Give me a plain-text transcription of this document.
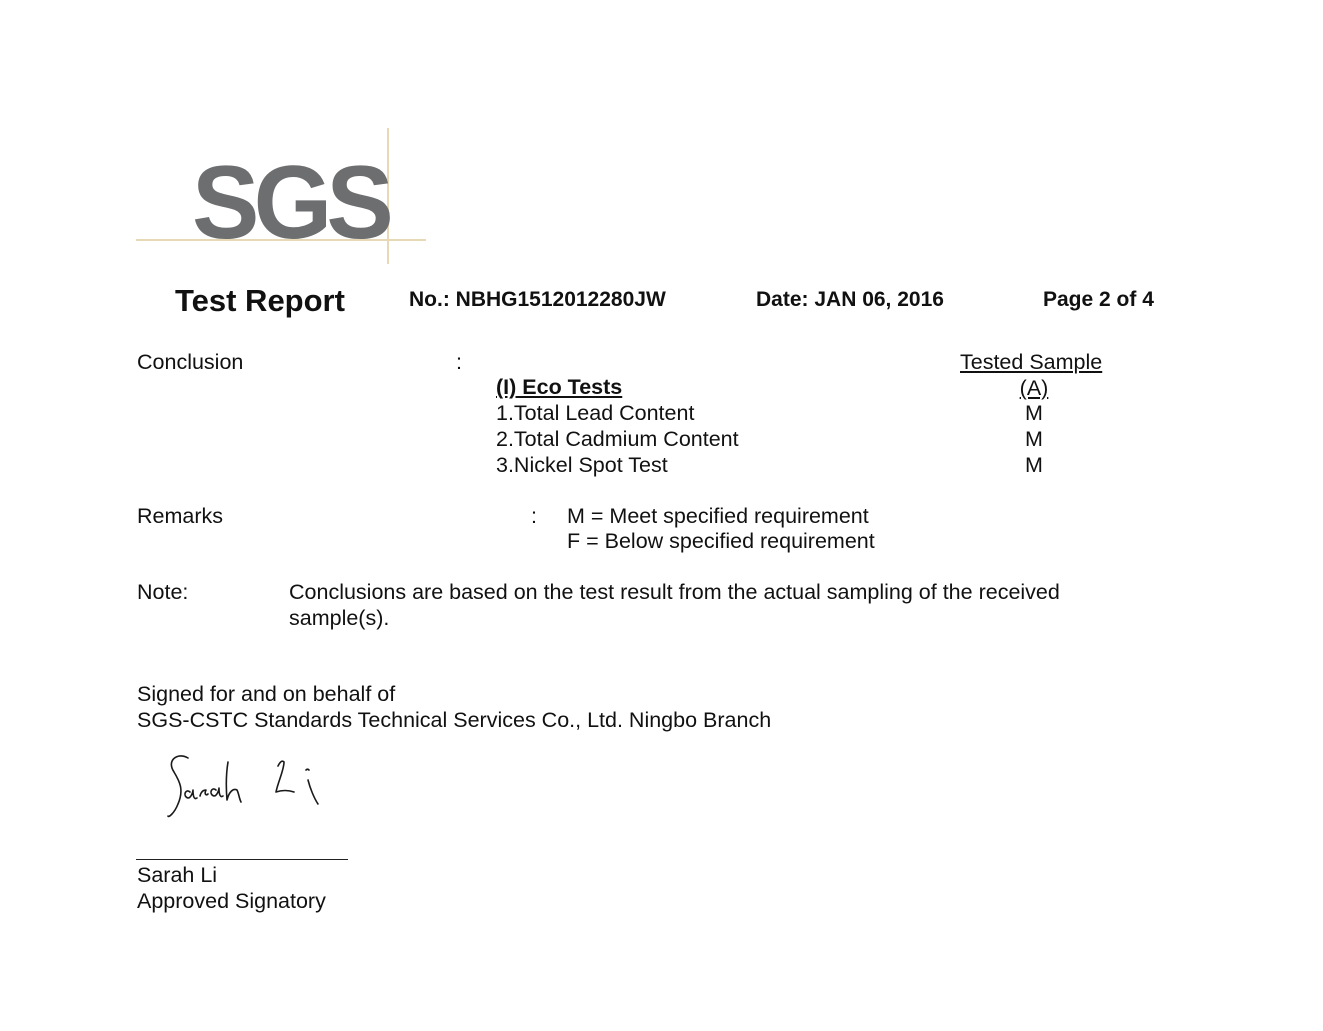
SGS
Test Report	No.: NBHG1512012280JW	Date: JAN 06, 2016	Page 2 of 4
Conclusion	:	Tested Sample
(I) Eco Tests	(A)
1.Total Lead Content	M
2.Total Cadmium Content	M
3.Nickel Spot Test	M
Remarks	: M = Meet specified requirement
F = Below specified requirement
Note:	Conclusions are based on the test result from the actual sampling of the received
sample(s).
Signed for and on behalf of
SGS-CSTC Standards Technical Services Co., Ltd. Ningbo Branch
Sarah Li
Approved Signatory
